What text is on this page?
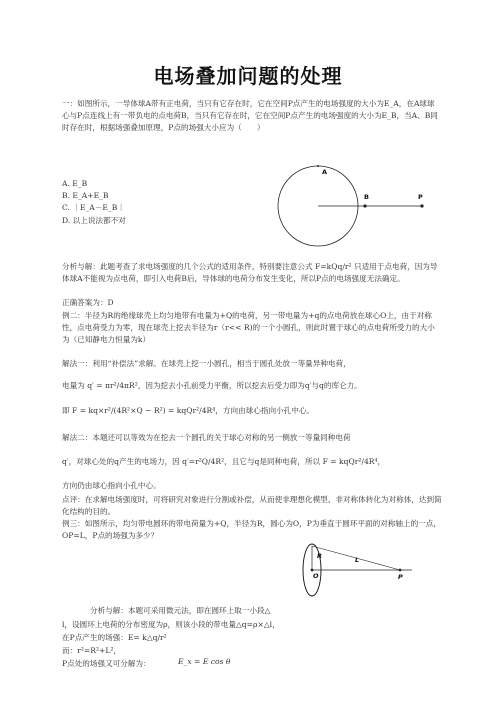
电场叠加问题的处理
一：如图所示，一导体球A带有正电荷，当只有它存在时，它在空间P点产生的电场强度的大小为E_A，在A球球心与P点连线上有一带负电的点电荷B，当只有它存在时，它在空间P点产生的电场强度的大小为E_B，当A、B同时存在时，根据场强叠加原理，P点的场强大小应为（　　）
A. E_B
B. E_A+E_B
C. ｜E_A－E_B｜
D. 以上说法都不对
A
B	P
分析与解：此题考查了求电场强度的几个公式的适用条件，特别要注意公式 F=kQq/r² 只适用于点电荷，因为导体球A不能视为点电荷，即引入电荷B后，导体球的电荷分布发生变化，所以P点的电场强度无法确定。
正确答案为：D
例二：半径为R的绝缘球壳上均匀地带有电量为+Q的电荷，另一带电量为+q的点电荷放在球心O上，由于对称性，点电荷受力为零，现在球壳上挖去半径为r（r<< R)的一个小圆孔，则此时置于球心的点电荷所受力的大小为（已知静电力恒量为k）
解法一：利用“补偿法”求解。在球壳上挖一小圆孔，相当于圆孔处放一等量异种电荷，
电量为 q′ = πr²/4πR²，因为挖去小孔前受力平衡，所以挖去后受力即为q′与q的库仑力。
即 F = kq×r²/(4R²×Q − R²) = kqQr²/4R⁴，方向由球心指向小孔中心。
解法二：本题还可以等效为在挖去一个圆孔的关于球心对称的另一侧放一等量同种电荷
q′，对球心处的q产生的电场力，因 q′=r²Q/4R²，且它与q是同种电荷，所以 F = kqQr²/4R⁴，
方向仍由球心指向小孔中心。
点评：在求解电场强度时，可将研究对象进行分割或补偿，从而使非理想化模型、非对称体转化为对称体，达到简化结构的目的。
例三：如图所示，均匀带电圆环的带电荷量为+Q，半径为R，圆心为O，P为垂直于圆环平面的对称轴上的一点，OP=L，P点的场强为多少？
R
O
L
P
分析与解：本题可采用微元法，即在圆环上取一小段△
l，设圆环上电荷的分布密度为ρ，则该小段的带电量△q=ρ×△l，
在P点产生的场强：E= k△q/r²
而：r²=R²+L²，
P点处的场强又可分解为：	E_x = E cos θ
